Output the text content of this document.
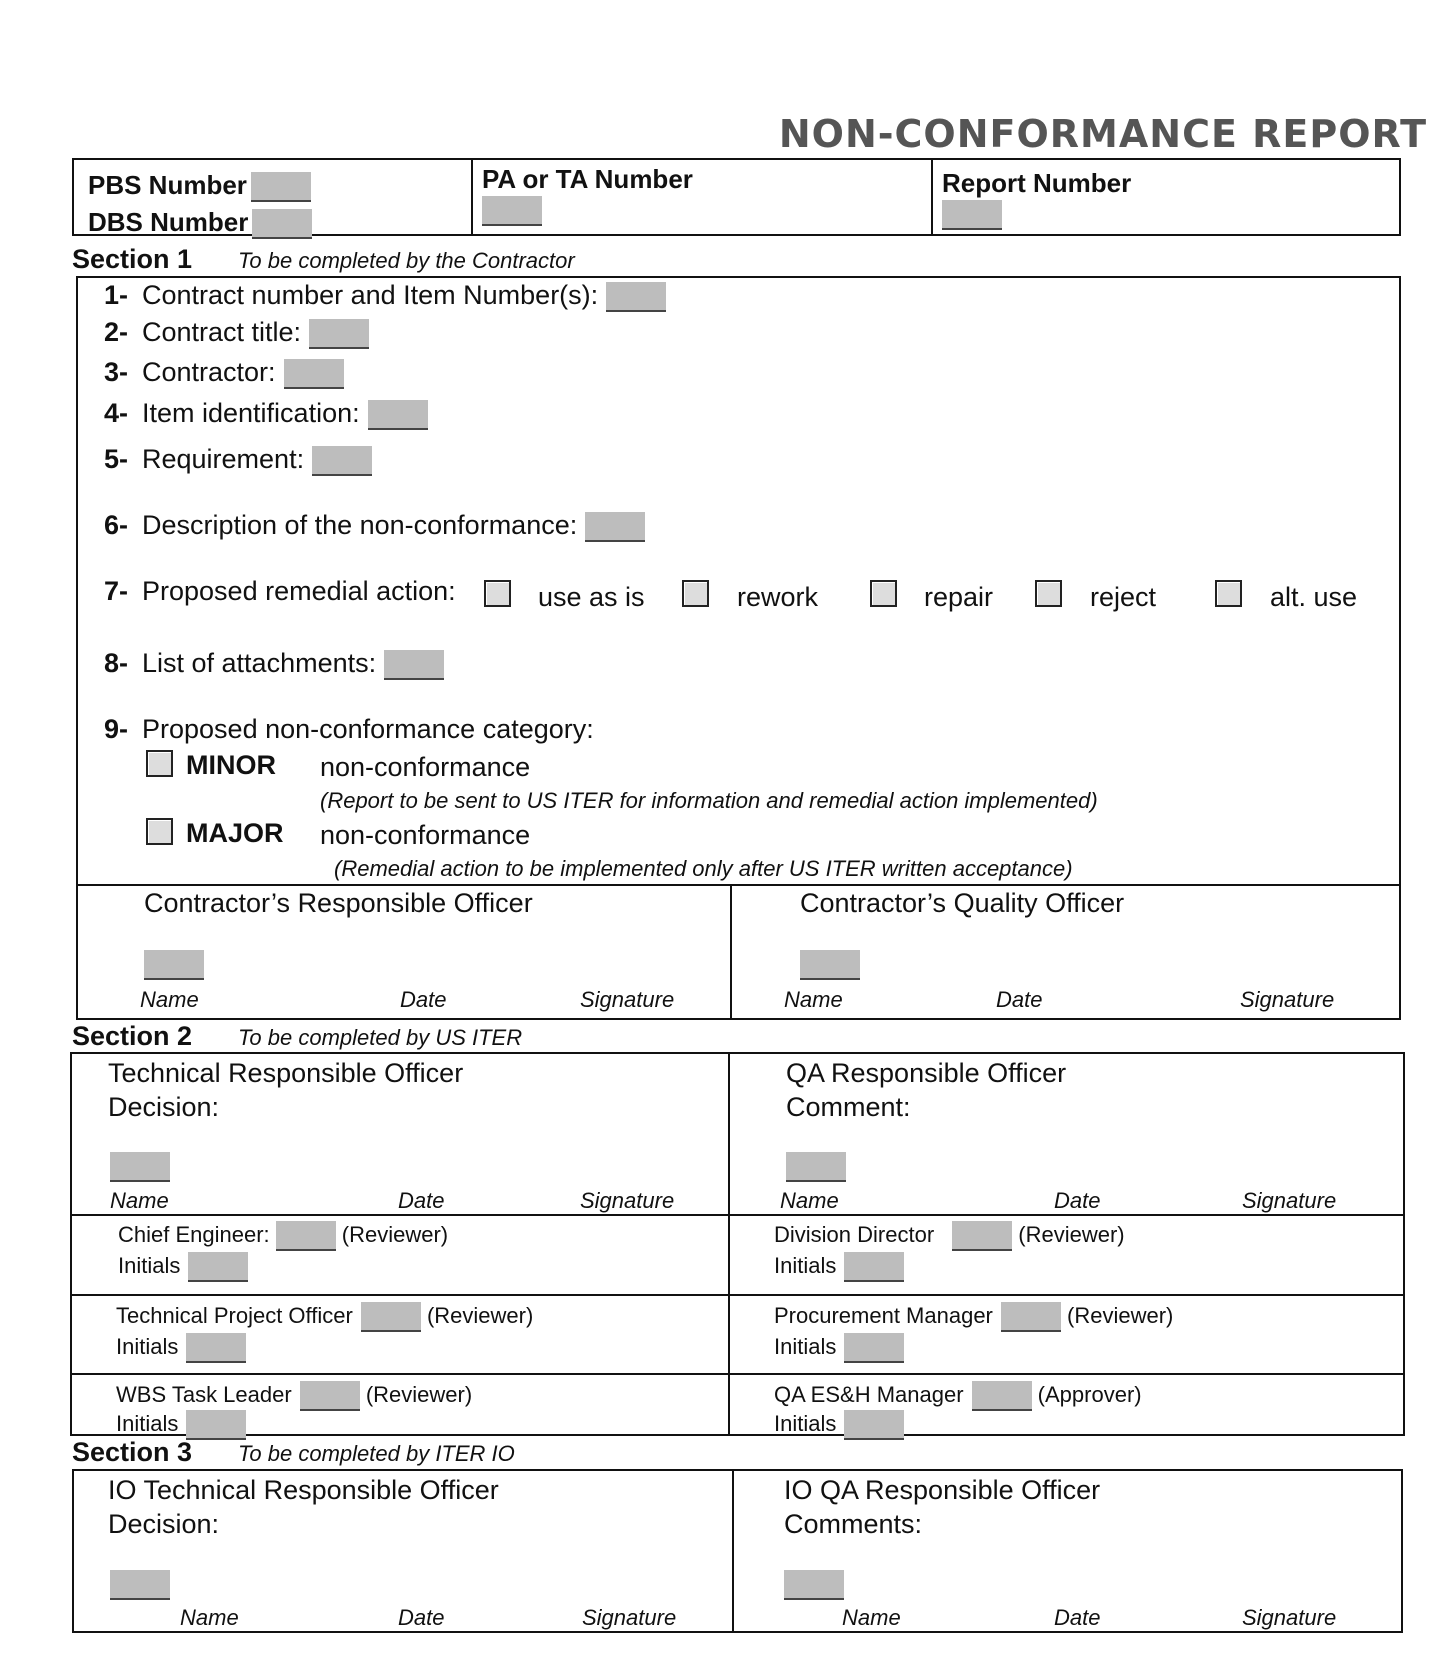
NON-CONFORMANCE REPORT
PBS Number
DBS Number
PA or TA Number	Report Number
Section 1 To be completed by the Contractor
1- Contract number and Item Number(s):
2- Contract title:
3- Contractor:
4- Item identification:
5- Requirement:
6- Description of the non-conformance:
7- Proposed remedial action:	use as is	rework	repair	reject	alt. use
8- List of attachments:
9- Proposed non-conformance category:
MINOR non-conformance
(Report to be sent to US ITER for information and remedial action implemented)
MAJOR non-conformance
(Remedial action to be implemented only after US ITER written acceptance)
Contractor’s Responsible Officer
Name	Date	Signature
Contractor’s Quality Officer
Name	Date	Signature
Section 2 To be completed by US ITER
Technical Responsible Officer
Decision:
Name	Date	Signature
QA Responsible Officer
Comment:
Name	Date	Signature
Chief Engineer:	(Reviewer)
Initials
Division Director	(Reviewer)
Initials
Technical Project Officer	(Reviewer)
Initials
Procurement Manager	(Reviewer)
Initials
WBS Task Leader	(Reviewer)
Initials
QA ES&H Manager	(Approver)
Initials
Section 3 To be completed by ITER IO
IO Technical Responsible Officer
Decision:
Name	Date	Signature
IO QA Responsible Officer
Comments:
Name	Date	Signature
